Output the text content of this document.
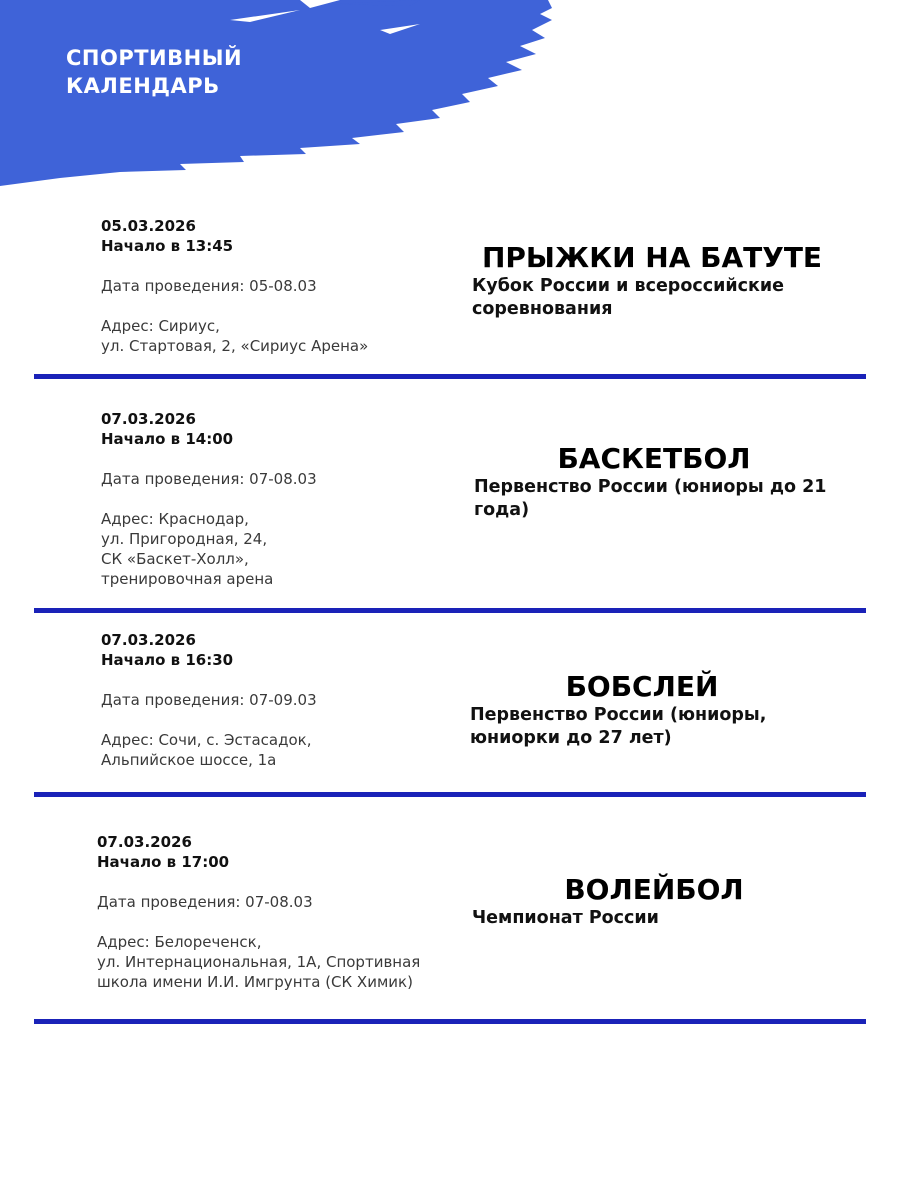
СПОРТИВНЫЙ
КАЛЕНДАРЬ
05.03.2026
Начало в 13:45
Дата проведения: 05-08.03
Адрес: Сириус,
ул. Стартовая, 2, «Сириус Арена»
ПРЫЖКИ НА БАТУТЕ
Кубок России и всероссийские
соревнования
07.03.2026
Начало в 14:00
Дата проведения: 07-08.03
Адрес: Краснодар,
ул. Пригородная, 24,
СК «Баскет-Холл»,
тренировочная арена
БАСКЕТБОЛ
Первенство России (юниоры до 21
года)
07.03.2026
Начало в 16:30
Дата проведения: 07-09.03
Адрес: Сочи, с. Эстасадок,
Альпийское шоссе, 1а
БОБСЛЕЙ
Первенство России (юниоры,
юниорки до 27 лет)
07.03.2026
Начало в 17:00
Дата проведения: 07-08.03
Адрес: Белореченск,
ул. Интернациональная, 1А, Спортивная
школа имени И.И. Имгрунта (СК Химик)
ВОЛЕЙБОЛ
Чемпионат России
